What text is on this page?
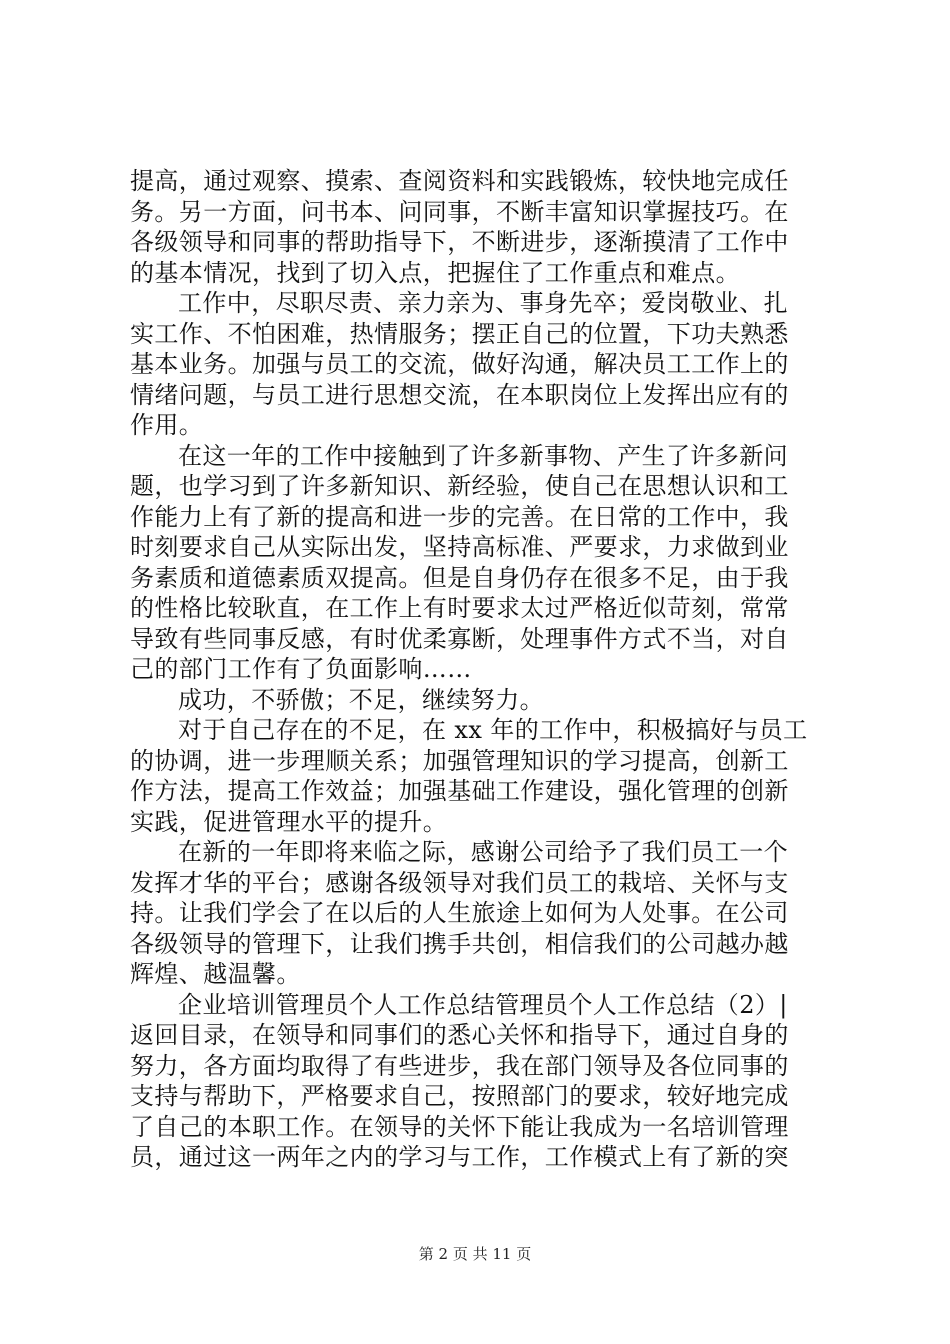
提高，通过观察、摸索、查阅资料和实践锻炼，较快地完成任
务。另一方面，问书本、问同事，不断丰富知识掌握技巧。在
各级领导和同事的帮助指导下，不断进步，逐渐摸清了工作中
的基本情况，找到了切入点，把握住了工作重点和难点。
工作中，尽职尽责、亲力亲为、事身先卒；爱岗敬业、扎
实工作、不怕困难，热情服务；摆正自己的位置，下功夫熟悉
基本业务。加强与员工的交流，做好沟通，解决员工工作上的
情绪问题，与员工进行思想交流，在本职岗位上发挥出应有的
作用。
在这一年的工作中接触到了许多新事物、产生了许多新问
题，也学习到了许多新知识、新经验，使自己在思想认识和工
作能力上有了新的提高和进一步的完善。在日常的工作中，我
时刻要求自己从实际出发，坚持高标准、严要求，力求做到业
务素质和道德素质双提高。但是自身仍存在很多不足，由于我
的性格比较耿直，在工作上有时要求太过严格近似苛刻，常常
导致有些同事反感，有时优柔寡断，处理事件方式不当，对自
己的部门工作有了负面影响……
成功，不骄傲；不足，继续努力。
对于自己存在的不足，在 xx 年的工作中，积极搞好与员工
的协调，进一步理顺关系；加强管理知识的学习提高，创新工
作方法，提高工作效益；加强基础工作建设，强化管理的创新
实践，促进管理水平的提升。
在新的一年即将来临之际，感谢公司给予了我们员工一个
发挥才华的平台；感谢各级领导对我们员工的栽培、关怀与支
持。让我们学会了在以后的人生旅途上如何为人处事。在公司
各级领导的管理下，让我们携手共创，相信我们的公司越办越
辉煌、越温馨。
企业培训管理员个人工作总结管理员个人工作总结（2）|
返回目录，在领导和同事们的悉心关怀和指导下，通过自身的
努力，各方面均取得了有些进步，我在部门领导及各位同事的
支持与帮助下，严格要求自己，按照部门的要求，较好地完成
了自己的本职工作。在领导的关怀下能让我成为一名培训管理
员，通过这一两年之内的学习与工作，工作模式上有了新的突
第 2 页 共 11 页
